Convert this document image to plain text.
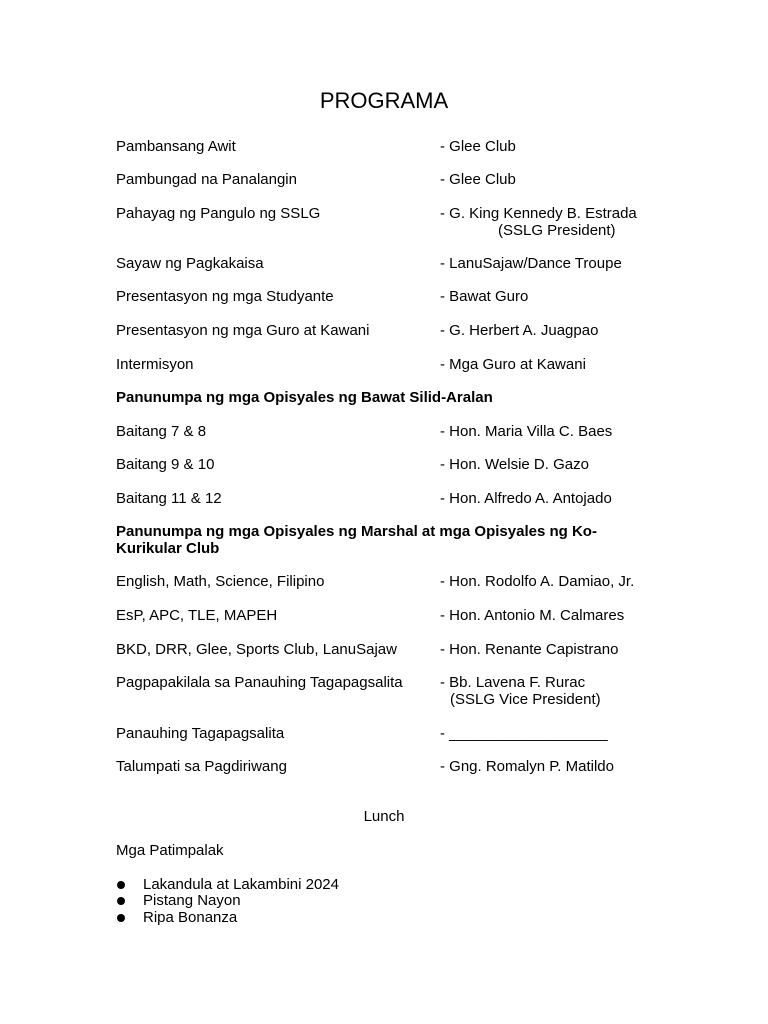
PROGRAMA
Pambansang Awit	- Glee Club
Pambungad na Panalangin	- Glee Club
Pahayag ng Pangulo ng SSLG	- G. King Kennedy B. Estrada
(SSLG President)
Sayaw ng Pagkakaisa	- LanuSajaw/Dance Troupe
Presentasyon ng mga Studyante	- Bawat Guro
Presentasyon ng mga Guro at Kawani	- G. Herbert A. Juagpao
Intermisyon	- Mga Guro at Kawani
Panunumpa ng mga Opisyales ng Bawat Silid-Aralan
Baitang 7 & 8	- Hon. Maria Villa C. Baes
Baitang 9 & 10	- Hon. Welsie D. Gazo
Baitang 11 & 12	- Hon. Alfredo A. Antojado
Panunumpa ng mga Opisyales ng Marshal at mga Opisyales ng Ko-
Kurikular Club
English, Math, Science, Filipino	- Hon. Rodolfo A. Damiao, Jr.
EsP, APC, TLE, MAPEH	- Hon. Antonio M. Calmares
BKD, DRR, Glee, Sports Club, LanuSajaw	- Hon. Renante Capistrano
Pagpapakilala sa Panauhing Tagapagsalita - Bb. Lavena F. Rurac
(SSLG Vice President)
Panauhing Tagapagsalita	- ___________________
Talumpati sa Pagdiriwang	- Gng. Romalyn P. Matildo
Lunch
Mga Patimpalak
Lakandula at Lakambini 2024
Pistang Nayon
Ripa Bonanza
